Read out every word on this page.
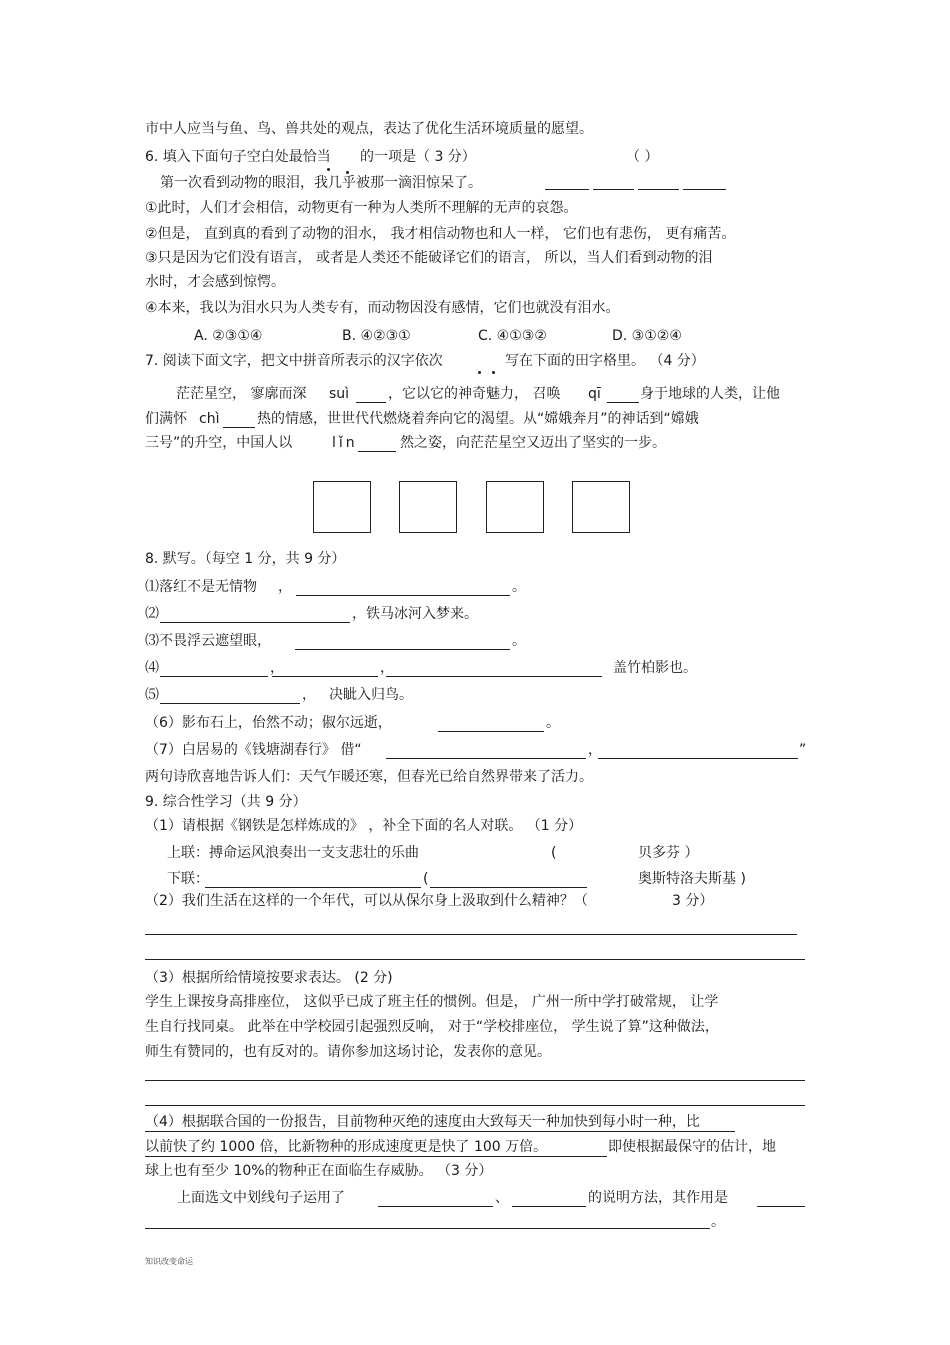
市中人应当与鱼、鸟、兽共处的观点，表达了优化生活环境质量的愿望。
6. 填入下面句子空白处最恰当 的一项是（ 3 分）	（ ）
第一次看到动物的眼泪，我几乎被那一滴泪惊呆了。
①此时，人们才会相信，动物更有一种为人类所不理解的无声的哀怨。
②但是， 直到真的看到了动物的泪水， 我才相信动物也和人一样， 它们也有悲伤， 更有痛苦。
③只是因为它们没有语言， 或者是人类还不能破译它们的语言， 所以，当人们看到动物的泪
水时，才会感到惊愕。
④本来，我以为泪水只为人类专有，而动物因没有感情，它们也就没有泪水。
A. ②③①④	B. ④②③①	C. ④①③②	D. ③①②④
7. 阅读下面文字，把文中拼音所表示的汉字依次	写在下面的田字格里。 （4 分）
茫茫星空， 寥廓而深 suì	，它以它的神奇魅力， 召唤 qī	身于地球的人类，让他
们满怀 chì	热的情感，世世代代燃烧着奔向它的渴望。从“嫦娥奔月”的神话到“嫦娥
三号”的升空，中国人以	lǐn	然之姿，向茫茫星空又迈出了坚实的一步。
8. 默写。（每空 1 分，共 9 分）
⑴落红不是无情物 ，	。
⑵	，铁马冰河入梦来。
⑶不畏浮云遮望眼，	。
⑷	，	，	盖竹柏影也。
⑸	， 决眦入归鸟。
（6）影布石上，佁然不动；俶尔远逝，	。
（7）白居易的《钱塘湖春行》 借“	，	”
两句诗欣喜地告诉人们：天气乍暖还寒，但春光已给自然界带来了活力。
9. 综合性学习（共 9 分）
（1）请根据《钢铁是怎样炼成的》 ，补全下面的名人对联。 （1 分）
上联：搏命运风浪奏出一支支悲壮的乐曲	(	贝多芬 ）
下联：	(	奥斯特洛夫斯基 )
（2）我们生活在这样的一个年代，可以从保尔身上汲取到什么精神？（	3 分）
（3）根据所给情境按要求表达。 (2 分)
学生上课按身高排座位， 这似乎已成了班主任的惯例。但是， 广州一所中学打破常规， 让学
生自行找同桌。 此举在中学校园引起强烈反响， 对于“学校排座位， 学生说了算”这种做法，
师生有赞同的，也有反对的。请你参加这场讨论，发表你的意见。
（4）根据联合国的一份报告，目前物种灭绝的速度由大致每天一种加快到每小时一种，比
以前快了约 1000 倍，比新物种的形成速度更是快了 100 万倍。	即使根据最保守的估计，地
球上也有至少 10%的物种正在面临生存威胁。 （3 分）
上面选文中划线句子运用了	、	的说明方法，其作用是
。
知识改变命运
